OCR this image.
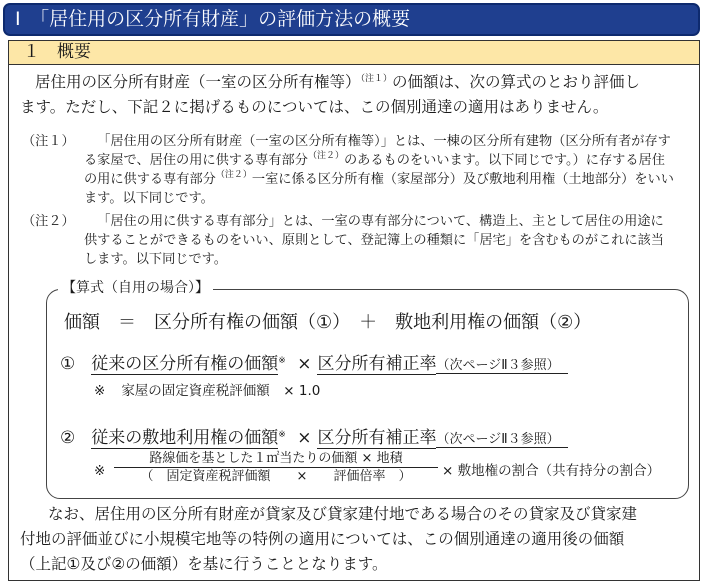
Ⅰ　「居住用の区分所有財産」の評価方法の概要
１　概要
居住用の区分所有財産（一室の区分所有権等）$^{(注1)}$の価額は、次の算式のとおり評価し
ます。ただし、下記２に掲げるものについては、この個別通達の適用はありません。
（注１）	「居住用の区分所有財産（一室の区分所有権等）」とは、一棟の区分所有建物（区分所有者が存す
る家屋で、居住の用に供する専有部分$^{(注2)}$のあるものをいいます。以下同じです。）に存する居住
の用に供する専有部分$^{(注2)}$一室に係る区分所有権（家屋部分）及び敷地利用権（土地部分）をいい
ます。以下同じです。
（注２）	「居住の用に供する専有部分」とは、一室の専有部分について、構造上、主として居住の用途に
供することができるものをいい、原則として、登記簿上の種類に「居宅」を含むものがこれに該当
します。以下同じです。
【算式（自用の場合）】
価額　＝　区分所有権の価額（①）　＋　敷地利用権の価額（②）
① 従来の区分所有権の価額※ × 区分所有補正率（次ページⅡ３参照）
※ 家屋の固定資産税評価額　× 1.0
② 従来の敷地利用権の価額※ × 区分所有補正率（次ページⅡ３参照）
※
路線価を基とした１㎡当たりの価額 × 地積
（　固定資産税評価額　　×　　評価倍率　）	× 敷地権の割合（共有持分の割合）
なお、居住用の区分所有財産が貸家及び貸家建付地である場合のその貸家及び貸家建
付地の評価並びに小規模宅地等の特例の適用については、この個別通達の適用後の価額
（上記①及び②の価額）を基に行うこととなります。
